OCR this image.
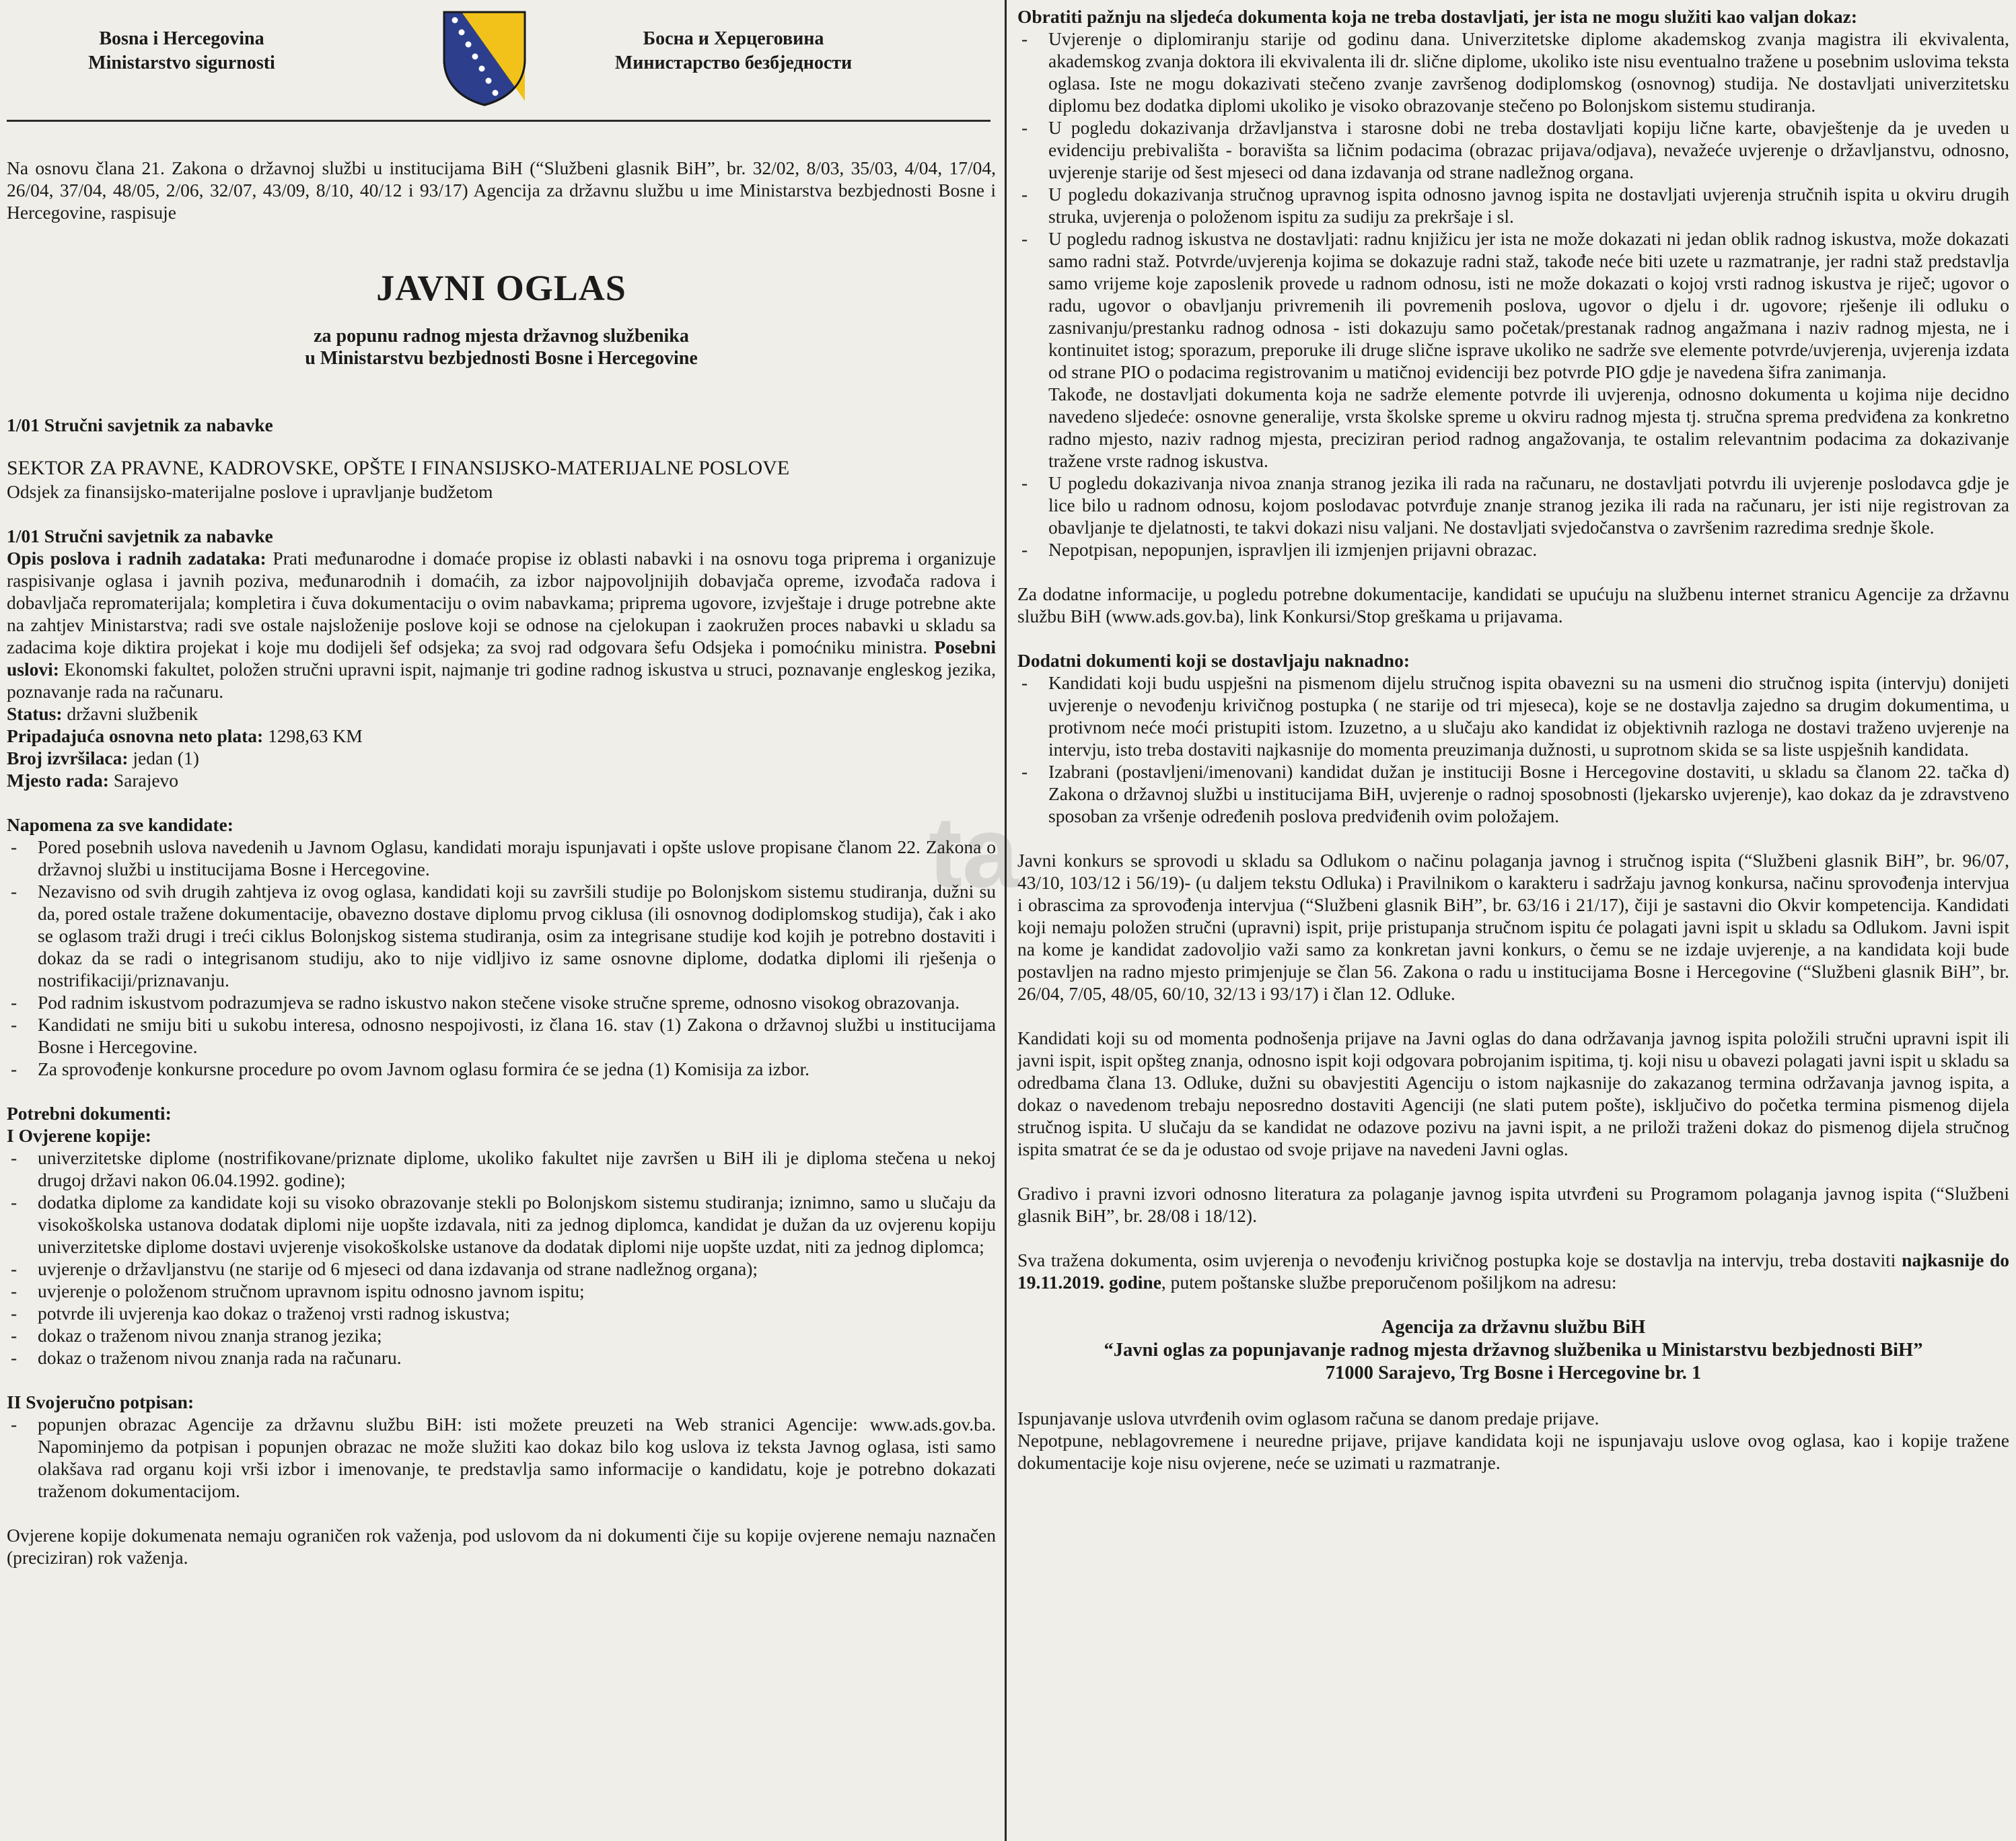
ta
Bosna i Hercegovina
Ministarstvo sigurnosti
Босна и Херцеговина
Министарство безбједности

Na osnovu člana 21. Zakona o državnoj službi u institucijama BiH (“Službeni glasnik BiH”, br. 32/02, 8/03, 35/03, 4/04, 17/04, 26/04, 37/04, 48/05, 2/06, 32/07, 43/09, 8/10, 40/12 i 93/17) Agencija za državnu službu u ime Ministarstva bezbjednosti Bosne i Hercegovine, raspisuje

JAVNI OGLAS
za popunu radnog mjesta državnog službenika
u Ministarstvu bezbjednosti Bosne i Hercegovine

1/01 Stručni savjetnik za nabavke

SEKTOR ZA PRAVNE, KADROVSKE, OPŠTE I FINANSIJSKO-MATERIJALNE POSLOVE

Odsjek za finansijsko-materijalne poslove i upravljanje budžetom

1/01 Stručni savjetnik za nabavke

Opis poslova i radnih zadataka: Prati međunarodne i domaće propise iz oblasti nabavki i na osnovu toga priprema i organizuje raspisivanje oglasa i javnih poziva, međunarodnih i domaćih, za izbor najpovoljnijih dobavjača opreme, izvođača radova i dobavljača repromaterijala; kompletira i čuva dokumentaciju o ovim nabavkama; priprema ugovore, izvještaje i druge potrebne akte na zahtjev Ministarstva; radi sve ostale najsloženije poslove koji se odnose na cjelokupan i zaokružen proces nabavki u skladu sa zadacima koje diktira projekat i koje mu dodijeli šef odsjeka; za svoj rad odgovara šefu Odsjeka i pomoćniku ministra. Posebni uslovi: Ekonomski fakultet, položen stručni upravni ispit, najmanje tri godine radnog iskustva u struci, poznavanje engleskog jezika, poznavanje rada na računaru.

Status: državni službenik

Pripadajuća osnovna neto plata: 1298,63 KM

Broj izvršilaca: jedan (1)

Mjesto rada: Sarajevo

Napomena za sve kandidate:

- Pored posebnih uslova navedenih u Javnom Oglasu, kandidati moraju ispunjavati i opšte uslove propisane članom 22. Zakona o državnoj službi u institucijama Bosne i Hercegovine.
- Nezavisno od svih drugih zahtjeva iz ovog oglasa, kandidati koji su završili studije po Bolonjskom sistemu studiranja, dužni su da, pored ostale tražene dokumentacije, obavezno dostave diplomu prvog ciklusa (ili osnovnog dodiplomskog studija), čak i ako se oglasom traži drugi i treći ciklus Bolonjskog sistema studiranja, osim za integrisane studije kod kojih je potrebno dostaviti i dokaz da se radi o integrisanom studiju, ako to nije vidljivo iz same osnovne diplome, dodatka diplomi ili rješenja o nostrifikaciji/priznavanju.
- Pod radnim iskustvom podrazumjeva se radno iskustvo nakon stečene visoke stručne spreme, odnosno visokog obrazovanja.
- Kandidati ne smiju biti u sukobu interesa, odnosno nespojivosti, iz člana 16. stav (1) Zakona o državnoj službi u institucijama Bosne i Hercegovine.
- Za sprovođenje konkursne procedure po ovom Javnom oglasu formira će se jedna (1) Komisija za izbor.

Potrebni dokumenti:

I Ovjerene kopije:

- univerzitetske diplome (nostrifikovane/priznate diplome, ukoliko fakultet nije završen u BiH ili je diploma stečena u nekoj drugoj državi nakon 06.04.1992. godine);
- dodatka diplome za kandidate koji su visoko obrazovanje stekli po Bolonjskom sistemu studiranja; iznimno, samo u slučaju da visokoškolska ustanova dodatak diplomi nije uopšte izdavala, niti za jednog diplomca, kandidat je dužan da uz ovjerenu kopiju univerzitetske diplome dostavi uvjerenje visokoškolske ustanove da dodatak diplomi nije uopšte uzdat, niti za jednog diplomca;
- uvjerenje o državljanstvu (ne starije od 6 mjeseci od dana izdavanja od strane nadležnog organa);
- uvjerenje o položenom stručnom upravnom ispitu odnosno javnom ispitu;
- potvrde ili uvjerenja kao dokaz o traženoj vrsti radnog iskustva;
- dokaz o traženom nivou znanja stranog jezika;
- dokaz o traženom nivou znanja rada na računaru.

II Svojeručno potpisan:

- popunjen obrazac Agencije za državnu službu BiH: isti možete preuzeti na Web stranici Agencije: www.ads.gov.ba. Napominjemo da potpisan i popunjen obrazac ne može služiti kao dokaz bilo kog uslova iz teksta Javnog oglasa, isti samo olakšava rad organu koji vrši izbor i imenovanje, te predstavlja samo informacije o kandidatu, koje je potrebno dokazati traženom dokumentacijom.

Ovjerene kopije dokumenata nemaju ograničen rok važenja, pod uslovom da ni dokumenti čije su kopije ovjerene nemaju naznačen (preciziran) rok važenja.

Obratiti pažnju na sljedeća dokumenta koja ne treba dostavljati, jer ista ne mogu služiti kao valjan dokaz:

- Uvjerenje o diplomiranju starije od godinu dana. Univerzitetske diplome akademskog zvanja magistra ili ekvivalenta, akademskog zvanja doktora ili ekvivalenta ili dr. slične diplome, ukoliko iste nisu eventualno tražene u posebnim uslovima teksta oglasa. Iste ne mogu dokazivati stečeno zvanje završenog dodiplomskog (osnovnog) studija. Ne dostavljati univerzitetsku diplomu bez dodatka diplomi ukoliko je visoko obrazovanje stečeno po Bolonjskom sistemu studiranja.
- U pogledu dokazivanja državljanstva i starosne dobi ne treba dostavljati kopiju lične karte, obavještenje da je uveden u evidenciju prebivališta - boravišta sa ličnim podacima (obrazac prijava/odjava), nevažeće uvjerenje o državljanstvu, odnosno, uvjerenje starije od šest mjeseci od dana izdavanja od strane nadležnog organa.
- U pogledu dokazivanja stručnog upravnog ispita odnosno javnog ispita ne dostavljati uvjerenja stručnih ispita u okviru drugih struka, uvjerenja o položenom ispitu za sudiju za prekršaje i sl.
- U pogledu radnog iskustva ne dostavljati: radnu knjižicu jer ista ne može dokazati ni jedan oblik radnog iskustva, može dokazati samo radni staž. Potvrde/uvjerenja kojima se dokazuje radni staž, takođe neće biti uzete u razmatranje, jer radni staž predstavlja samo vrijeme koje zaposlenik provede u radnom odnosu, isti ne može dokazati o kojoj vrsti radnog iskustva je riječ; ugovor o radu, ugovor o obavljanju privremenih ili povremenih poslova, ugovor o djelu i dr. ugovore; rješenje ili odluku o zasnivanju/prestanku radnog odnosa - isti dokazuju samo početak/prestanak radnog angažmana i naziv radnog mjesta, ne i kontinuitet istog; sporazum, preporuke ili druge slične isprave ukoliko ne sadrže sve elemente potvrde/uvjerenja, uvjerenja izdata od strane PIO o podacima registrovanim u matičnoj evidenciji bez potvrde PIO gdje je navedena šifra zanimanja.
Takođe, ne dostavljati dokumenta koja ne sadrže elemente potvrde ili uvjerenja, odnosno dokumenta u kojima nije decidno navedeno sljedeće: osnovne generalije, vrsta školske spreme u okviru radnog mjesta tj. stručna sprema predviđena za konkretno radno mjesto, naziv radnog mjesta, preciziran period radnog angažovanja, te ostalim relevantnim podacima za dokazivanje tražene vrste radnog iskustva.
- U pogledu dokazivanja nivoa znanja stranog jezika ili rada na računaru, ne dostavljati potvrdu ili uvjerenje poslodavca gdje je lice bilo u radnom odnosu, kojom poslodavac potvrđuje znanje stranog jezika ili rada na računaru, jer isti nije registrovan za obavljanje te djelatnosti, te takvi dokazi nisu valjani. Ne dostavljati svjedočanstva o završenim razredima srednje škole.
- Nepotpisan, nepopunjen, ispravljen ili izmjenjen prijavni obrazac.

Za dodatne informacije, u pogledu potrebne dokumentacije, kandidati se upućuju na službenu internet stranicu Agencije za državnu službu BiH (www.ads.gov.ba), link Konkursi/Stop greškama u prijavama.

Dodatni dokumenti koji se dostavljaju naknadno:

- Kandidati koji budu uspješni na pismenom dijelu stručnog ispita obavezni su na usmeni dio stručnog ispita (intervju) donijeti uvjerenje o nevođenju krivičnog postupka ( ne starije od tri mjeseca), koje se ne dostavlja zajedno sa drugim dokumentima, u protivnom neće moći pristupiti istom. Izuzetno, a u slučaju ako kandidat iz objektivnih razloga ne dostavi traženo uvjerenje na intervju, isto treba dostaviti najkasnije do momenta preuzimanja dužnosti, u suprotnom skida se sa liste uspješnih kandidata.
- Izabrani (postavljeni/imenovani) kandidat dužan je instituciji Bosne i Hercegovine dostaviti, u skladu sa članom 22. tačka d) Zakona o državnoj službi u institucijama BiH, uvjerenje o radnoj sposobnosti (ljekarsko uvjerenje), kao dokaz da je zdravstveno sposoban za vršenje određenih poslova predviđenih ovim položajem.

Javni konkurs se sprovodi u skladu sa Odlukom o načinu polaganja javnog i stručnog ispita (“Službeni glasnik BiH”, br. 96/07, 43/10, 103/12 i 56/19)- (u daljem tekstu Odluka) i Pravilnikom o karakteru i sadržaju javnog konkursa, načinu sprovođenja intervjua i obrascima za sprovođenja intervjua (“Službeni glasnik BiH”, br. 63/16 i 21/17), čiji je sastavni dio Okvir kompetencija. Kandidati koji nemaju položen stručni (upravni) ispit, prije pristupanja stručnom ispitu će polagati javni ispit u skladu sa Odlukom. Javni ispit na kome je kandidat zadovoljio važi samo za konkretan javni konkurs, o čemu se ne izdaje uvjerenje, a na kandidata koji bude postavljen na radno mjesto primjenjuje se član 56. Zakona o radu u institucijama Bosne i Hercegovine (“Službeni glasnik BiH”, br. 26/04, 7/05, 48/05, 60/10, 32/13 i 93/17) i član 12. Odluke.

Kandidati koji su od momenta podnošenja prijave na Javni oglas do dana održavanja javnog ispita položili stručni upravni ispit ili javni ispit, ispit opšteg znanja, odnosno ispit koji odgovara pobrojanim ispitima, tj. koji nisu u obavezi polagati javni ispit u skladu sa odredbama člana 13. Odluke, dužni su obavjestiti Agenciju o istom najkasnije do zakazanog termina održavanja javnog ispita, a dokaz o navedenom trebaju neposredno dostaviti Agenciji (ne slati putem pošte), isključivo do početka termina pismenog dijela stručnog ispita. U slučaju da se kandidat ne odazove pozivu na javni ispit, a ne priloži traženi dokaz do pismenog dijela stručnog ispita smatrat će se da je odustao od svoje prijave na navedeni Javni oglas.

Gradivo i pravni izvori odnosno literatura za polaganje javnog ispita utvrđeni su Programom polaganja javnog ispita (“Službeni glasnik BiH”, br. 28/08 i 18/12).

Sva tražena dokumenta, osim uvjerenja o nevođenju krivičnog postupka koje se dostavlja na intervju, treba dostaviti najkasnije do 19.11.2019. godine, putem poštanske službe preporučenom pošiljkom na adresu:

Agencija za državnu službu BiH
“Javni oglas za popunjavanje radnog mjesta državnog službenika u Ministarstvu bezbjednosti BiH”
71000 Sarajevo, Trg Bosne i Hercegovine br. 1

Ispunjavanje uslova utvrđenih ovim oglasom računa se danom predaje prijave.

Nepotpune, neblagovremene i neuredne prijave, prijave kandidata koji ne ispunjavaju uslove ovog oglasa, kao i kopije tražene dokumentacije koje nisu ovjerene, neće se uzimati u razmatranje.
